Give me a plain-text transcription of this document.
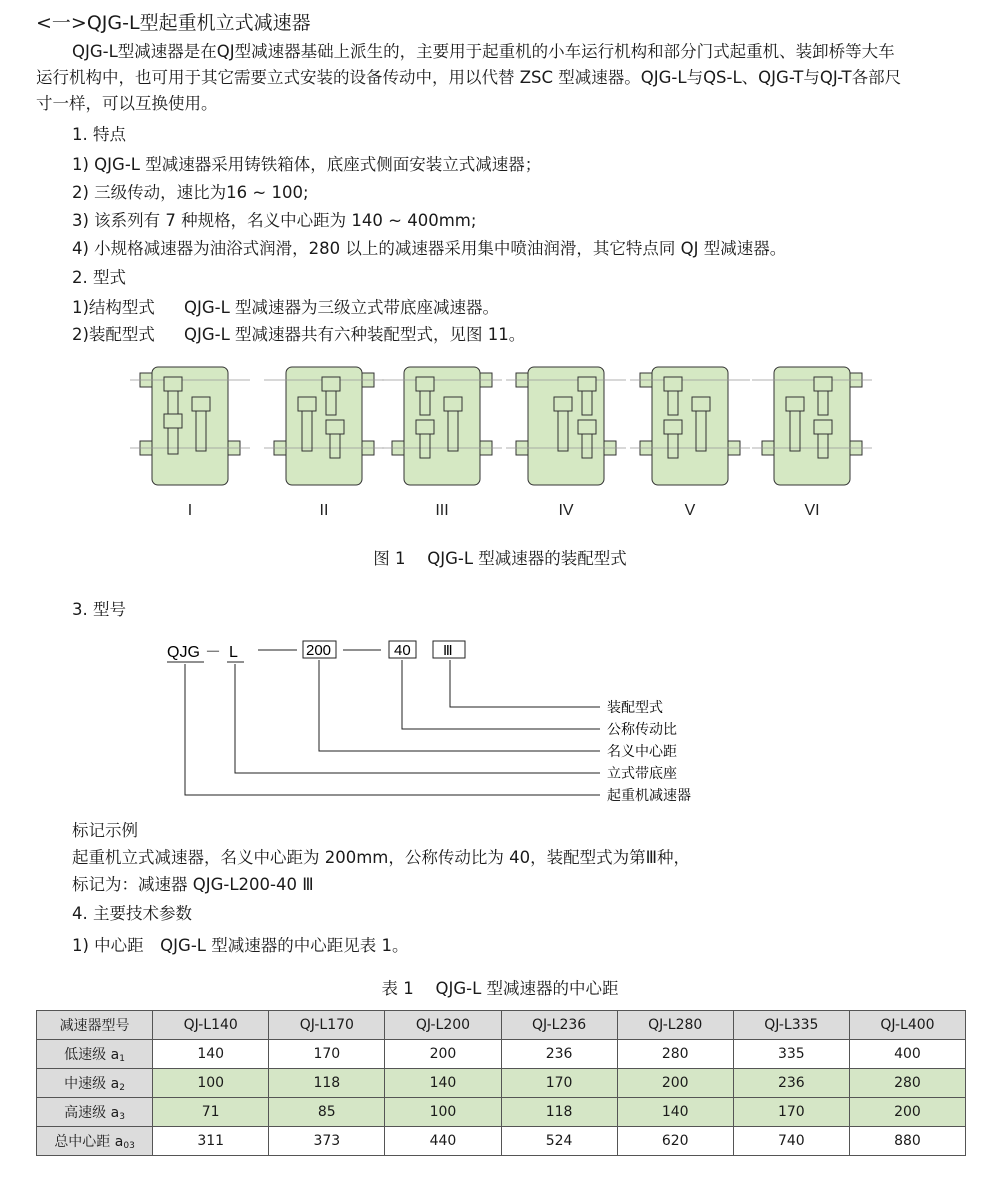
<一>QJG-L型起重机立式减速器
QJG-L型减速器是在QJ型减速器基础上派生的，主要用于起重机的小车运行机构和部分门式起重机、装卸桥等大车
运行机构中，也可用于其它需要立式安装的设备传动中，用以代替 ZSC 型减速器。QJG-L与QS-L、QJG-T与QJ-T各部尺
寸一样，可以互换使用。
1. 特点
1) QJG-L 型减速器采用铸铁箱体，底座式侧面安装立式减速器；
2) 三级传动，速比为16 ~ 100;
3) 该系列有 7 种规格，名义中心距为 140 ~ 400mm;
4) 小规格减速器为油浴式润滑，280 以上的减速器采用集中喷油润滑，其它特点同 QJ 型减速器。
2. 型式
1)结构型式 QJG-L 型减速器为三级立式带底座减速器。
2)装配型式 QJG-L 型减速器共有六种装配型式，见图 11。
I	II	III	IV	V	VI
图 1　 QJG-L 型减速器的装配型式
3. 型号
QJG － L	200	40 Ⅲ
装配型式
公称传动比
名义中心距
立式带底座
起重机减速器
标记示例
起重机立式减速器，名义中心距为 200mm，公称传动比为 40，装配型式为第Ⅲ种，
标记为：减速器 QJG-L200-40 Ⅲ
4. 主要技术参数
1) 中心距　QJG-L 型减速器的中心距见表 1。
表 1　 QJG-L 型减速器的中心距
减速器型号	QJ-L140	QJ-L170	QJ-L200	QJ-L236	QJ-L280	QJ-L335	QJ-L400
低速级 $a_1$	140	170	200	236	280	335	400
中速级 $a_2$	100	118	140	170	200	236	280
高速级 $a_3$	71	85	100	118	140	170	200
总中心距 $a_{03}$	311	373	440	524	620	740	880
